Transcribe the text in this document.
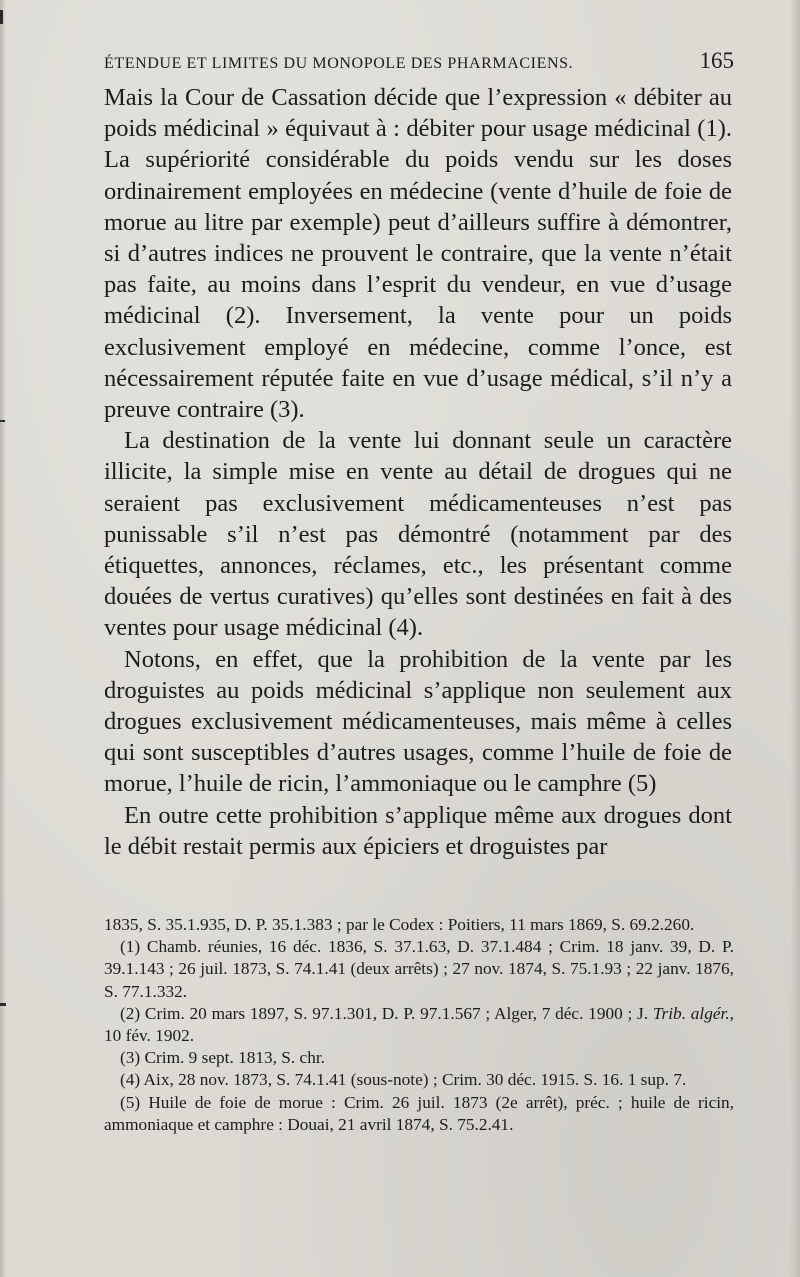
ÉTENDUE ET LIMITES DU MONOPOLE DES PHARMACIENS.	165

Mais la Cour de Cassation décide que l’expression « débiter au poids médicinal » équivaut à : débiter pour usage médicinal (1). La supériorité considérable du poids vendu sur les doses ordinairement employées en médecine (vente d’huile de foie de morue au litre par exemple) peut d’ailleurs suffire à démontrer, si d’autres indices ne prouvent le contraire, que la vente n’était pas faite, au moins dans l’esprit du vendeur, en vue d’usage médicinal (2). Inversement, la vente pour un poids exclusivement employé en médecine, comme l’once, est nécessairement réputée faite en vue d’usage médical, s’il n’y a preuve contraire (3).

La destination de la vente lui donnant seule un caractère illicite, la simple mise en vente au détail de drogues qui ne seraient pas exclusivement médicamenteuses n’est pas punissable s’il n’est pas démontré (notamment par des étiquettes, annonces, réclames, etc., les présentant comme douées de vertus curatives) qu’elles sont destinées en fait à des ventes pour usage médicinal (4).

Notons, en effet, que la prohibition de la vente par les droguistes au poids médicinal s’applique non seulement aux drogues exclusivement médicamenteuses, mais même à celles qui sont susceptibles d’autres usages, comme l’huile de foie de morue, l’huile de ricin, l’ammoniaque ou le camphre (5)

En outre cette prohibition s’applique même aux drogues dont le débit restait permis aux épiciers et droguistes par

1835, S. 35.1.935, D. P. 35.1.383 ; par le Codex : Poitiers, 11 mars 1869, S. 69.2.260.

(1) Chamb. réunies, 16 déc. 1836, S. 37.1.63, D. 37.1.484 ; Crim. 18 janv. 39, D. P. 39.1.143 ; 26 juil. 1873, S. 74.1.41 (deux arrêts) ; 27 nov. 1874, S. 75.1.93 ; 22 janv. 1876, S. 77.1.332.

(2) Crim. 20 mars 1897, S. 97.1.301, D. P. 97.1.567 ; Alger, 7 déc. 1900 ; J. Trib. algér., 10 fév. 1902.

(3) Crim. 9 sept. 1813, S. chr.

(4) Aix, 28 nov. 1873, S. 74.1.41 (sous-note) ; Crim. 30 déc. 1915. S. 16. 1 sup. 7.

(5) Huile de foie de morue : Crim. 26 juil. 1873 (2e arrêt), préc. ; huile de ricin, ammoniaque et camphre : Douai, 21 avril 1874, S. 75.2.41.
